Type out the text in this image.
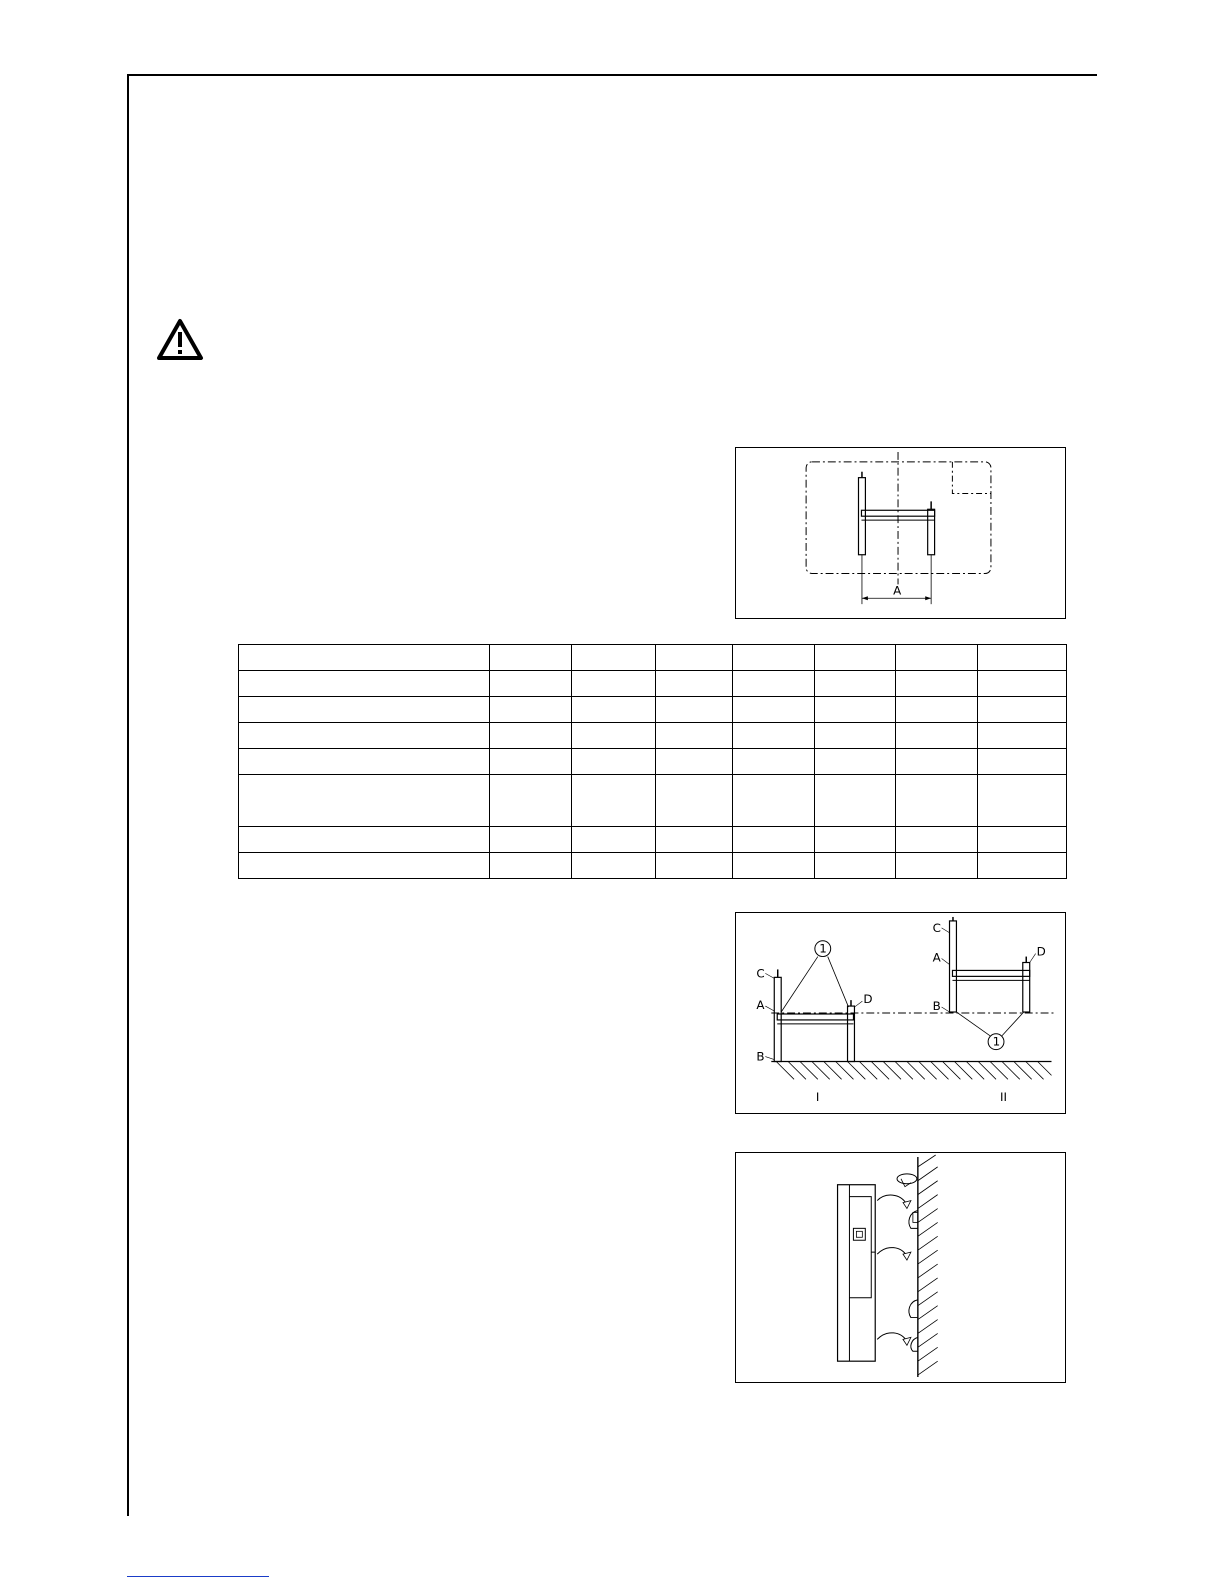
A

1
1
C
A
B
D
C
A
B
D
I	II
